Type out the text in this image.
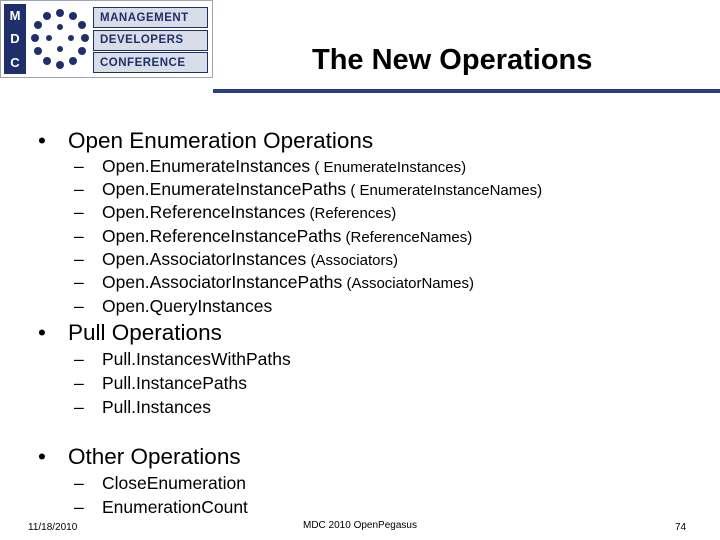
M
D
C
MANAGEMENT
DEVELOPERS
CONFERENCE	The New Operations
• Open Enumeration Operations
– Open.EnumerateInstances ( EnumerateInstances)
– Open.EnumerateInstancePaths ( EnumerateInstanceNames)
– Open.ReferenceInstances (References)
– Open.ReferenceInstancePaths (ReferenceNames)
– Open.AssociatorInstances (Associators)
– Open.AssociatorInstancePaths (AssociatorNames)
– Open.QueryInstances
• Pull Operations
– Pull.InstancesWithPaths
– Pull.InstancePaths
– Pull.Instances
• Other Operations
– CloseEnumeration
– EnumerationCount
11/18/2010	MDC 2010 OpenPegasus	74
